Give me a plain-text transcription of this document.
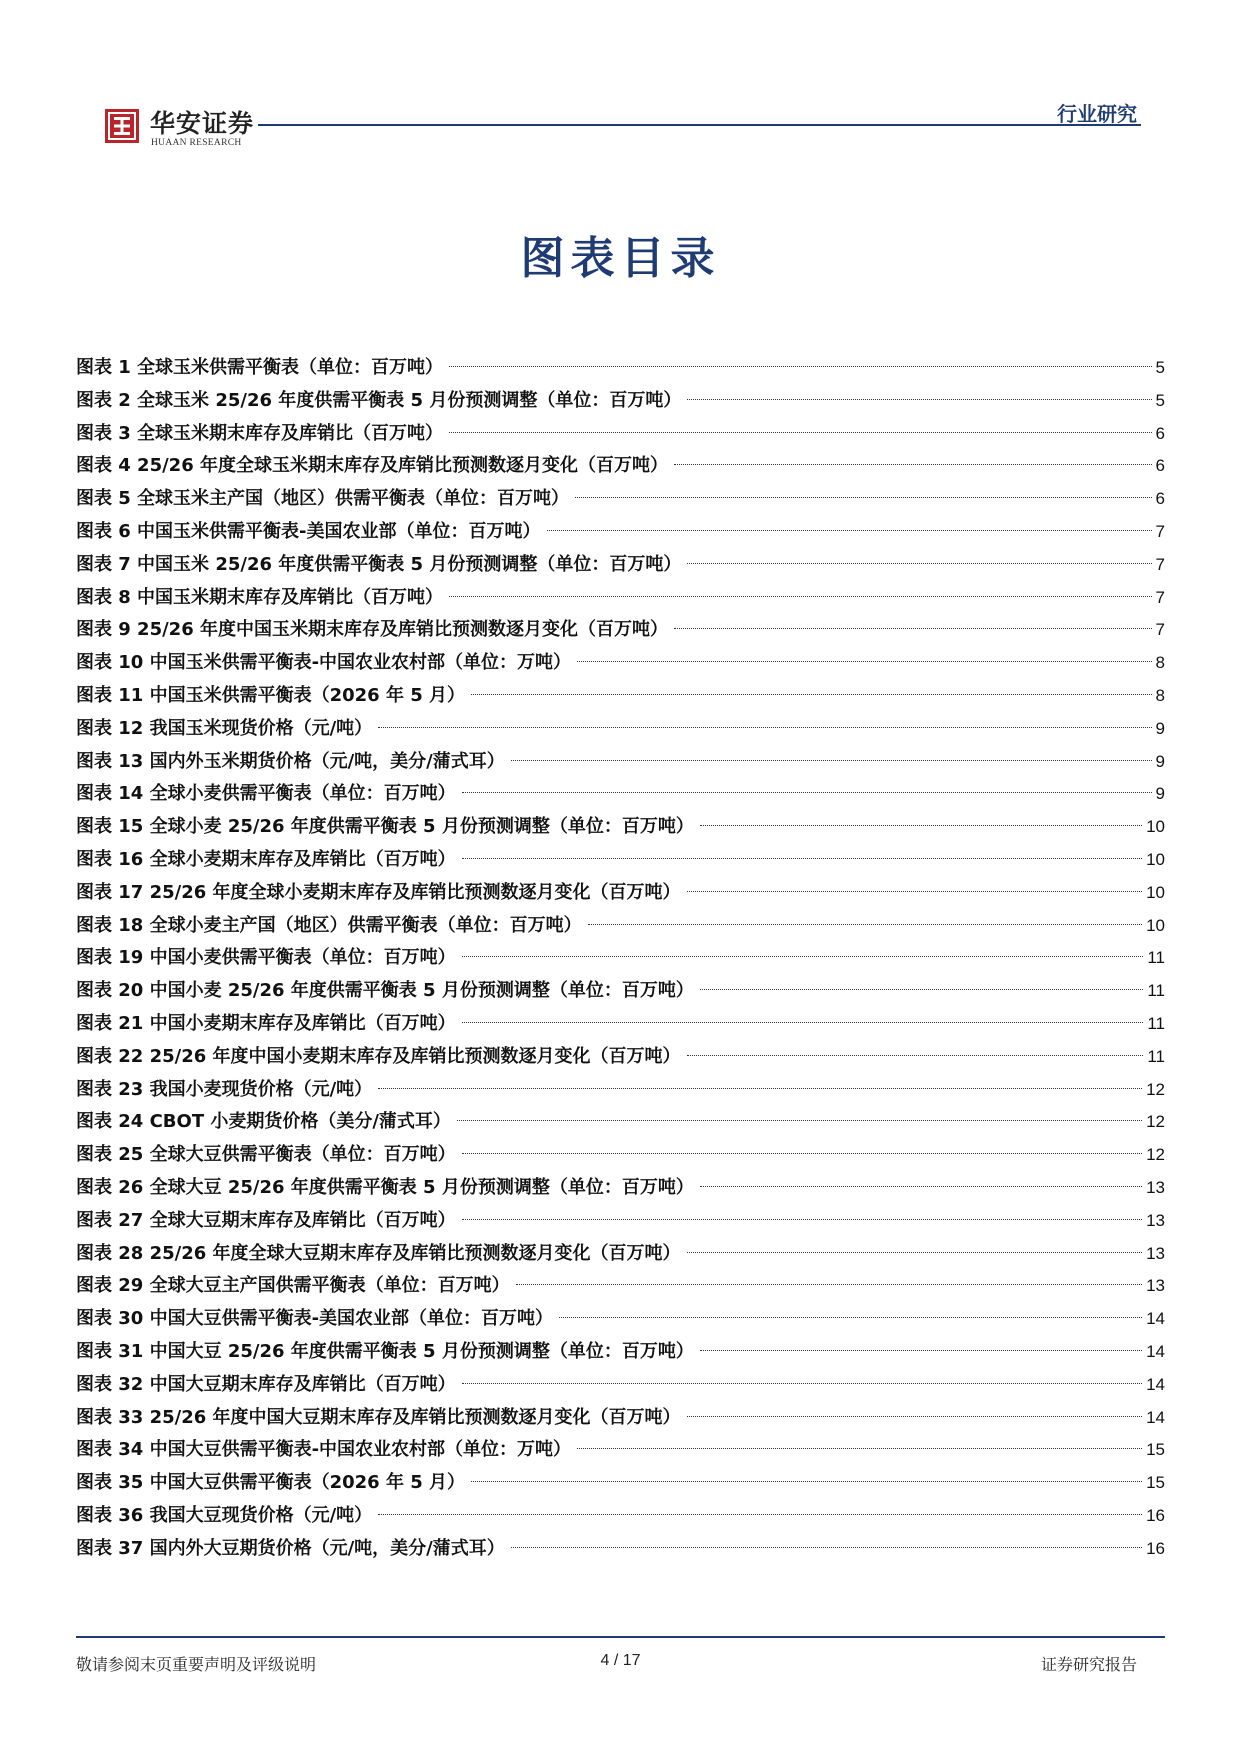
华安证券
HUAAN RESEARCH
行业研究
图表目录
图表 1 全球玉米供需平衡表（单位：百万吨）	5
图表 2 全球玉米 25/26 年度供需平衡表 5 月份预测调整（单位：百万吨）	5
图表 3 全球玉米期末库存及库销比（百万吨）	6
图表 4 25/26 年度全球玉米期末库存及库销比预测数逐月变化（百万吨）	6
图表 5 全球玉米主产国（地区）供需平衡表（单位：百万吨）	6
图表 6 中国玉米供需平衡表-美国农业部（单位：百万吨）	7
图表 7 中国玉米 25/26 年度供需平衡表 5 月份预测调整（单位：百万吨）	7
图表 8 中国玉米期末库存及库销比（百万吨）	7
图表 9 25/26 年度中国玉米期末库存及库销比预测数逐月变化（百万吨）	7
图表 10 中国玉米供需平衡表-中国农业农村部（单位：万吨）	8
图表 11 中国玉米供需平衡表（2026 年 5 月）	8
图表 12 我国玉米现货价格（元/吨）	9
图表 13 国内外玉米期货价格（元/吨，美分/蒲式耳）	9
图表 14 全球小麦供需平衡表（单位：百万吨）	9
图表 15 全球小麦 25/26 年度供需平衡表 5 月份预测调整（单位：百万吨）	10
图表 16 全球小麦期末库存及库销比（百万吨）	10
图表 17 25/26 年度全球小麦期末库存及库销比预测数逐月变化（百万吨）	10
图表 18 全球小麦主产国（地区）供需平衡表（单位：百万吨）	10
图表 19 中国小麦供需平衡表（单位：百万吨）	11
图表 20 中国小麦 25/26 年度供需平衡表 5 月份预测调整（单位：百万吨）	11
图表 21 中国小麦期末库存及库销比（百万吨）	11
图表 22 25/26 年度中国小麦期末库存及库销比预测数逐月变化（百万吨）	11
图表 23 我国小麦现货价格（元/吨）	12
图表 24 CBOT 小麦期货价格（美分/蒲式耳）	12
图表 25 全球大豆供需平衡表（单位：百万吨）	12
图表 26 全球大豆 25/26 年度供需平衡表 5 月份预测调整（单位：百万吨）	13
图表 27 全球大豆期末库存及库销比（百万吨）	13
图表 28 25/26 年度全球大豆期末库存及库销比预测数逐月变化（百万吨）	13
图表 29 全球大豆主产国供需平衡表（单位：百万吨）	13
图表 30 中国大豆供需平衡表-美国农业部（单位：百万吨）	14
图表 31 中国大豆 25/26 年度供需平衡表 5 月份预测调整（单位：百万吨）	14
图表 32 中国大豆期末库存及库销比（百万吨）	14
图表 33 25/26 年度中国大豆期末库存及库销比预测数逐月变化（百万吨）	14
图表 34 中国大豆供需平衡表-中国农业农村部（单位：万吨）	15
图表 35 中国大豆供需平衡表（2026 年 5 月）	15
图表 36 我国大豆现货价格（元/吨）	16
图表 37 国内外大豆期货价格（元/吨，美分/蒲式耳）	16
敬请参阅末页重要声明及评级说明	4 / 17	证券研究报告
